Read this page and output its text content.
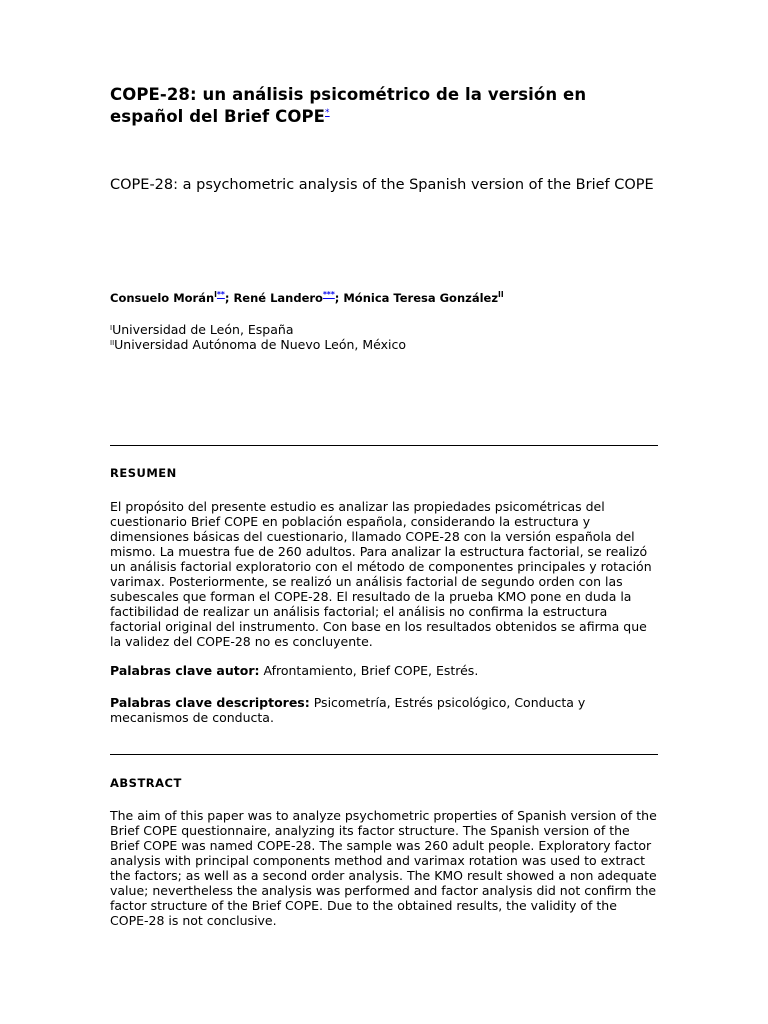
COPE-28: un análisis psicométrico de la versión en español del Brief COPE*
COPE-28: a psychometric analysis of the Spanish version of the Brief COPE
Consuelo Morán$^{I**}$; René Landero***; Mónica Teresa González$^{II}$
$^I$Universidad de León, España
$^{II}$Universidad Autónoma de Nuevo León, México
RESUMEN

El propósito del presente estudio es analizar las propiedades psicométricas del cuestionario Brief COPE en población española, considerando la estructura y dimensiones básicas del cuestionario, llamado COPE-28 con la versión española del mismo. La muestra fue de 260 adultos. Para analizar la estructura factorial, se realizó un análisis factorial exploratorio con el método de componentes principales y rotación varimax. Posteriormente, se realizó un análisis factorial de segundo orden con las subescales que forman el COPE-28. El resultado de la prueba KMO pone en duda la factibilidad de realizar un análisis factorial; el análisis no confirma la estructura factorial original del instrumento. Con base en los resultados obtenidos se afirma que la validez del COPE-28 no es concluyente.

Palabras clave autor: Afrontamiento, Brief COPE, Estrés.

Palabras clave descriptores: Psicometría, Estrés psicológico, Conducta y mecanismos de conducta.

ABSTRACT

The aim of this paper was to analyze psychometric properties of Spanish version of the Brief COPE questionnaire, analyzing its factor structure. The Spanish version of the Brief COPE was named COPE-28. The sample was 260 adult people. Exploratory factor analysis with principal components method and varimax rotation was used to extract the factors; as well as a second order analysis. The KMO result showed a non adequate value; nevertheless the analysis was performed and factor analysis did not confirm the factor structure of the Brief COPE. Due to the obtained results, the validity of the COPE-28 is not conclusive.
